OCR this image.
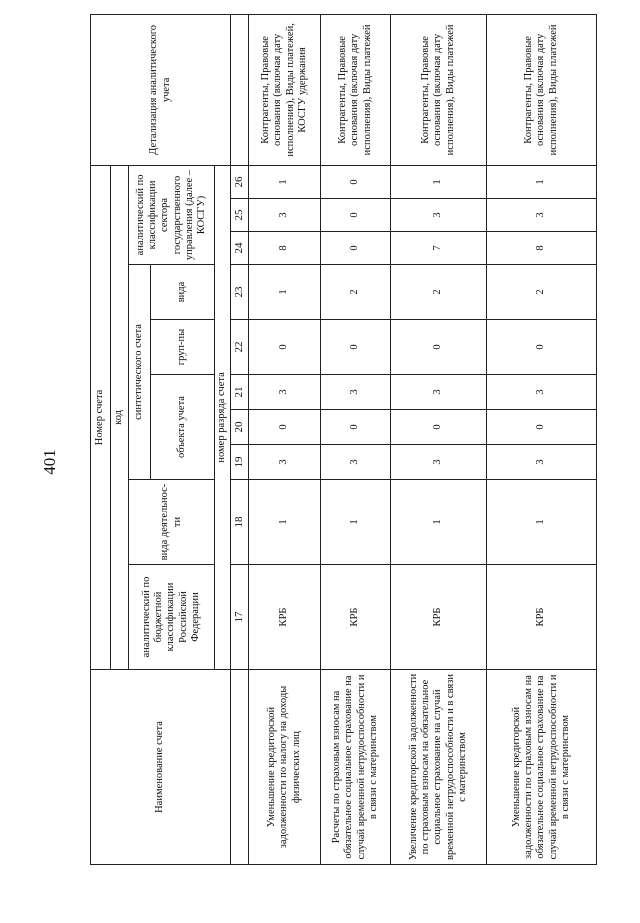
401
Наименование счета	Номер счета										Детализация аналитического учета
	код										
	аналитический по бюджетной классификации Российской Федерации	вида деятельнос-ти	синтетического счета					аналитический по классификации сектора государственного управления (далее – КОСГУ)			
			объекта учета			груп-пы	вида				
	номер разряда счета										
	17	18	19	20	21	22	23	24	25	26	
Уменьшение кредиторской задолженности по налогу на доходы физических лиц	КРБ	1	3	0	3	0	1	8	3	1	Контрагенты, Правовые основания (включая дату исполнения), Виды платежей, КОСГУ удержания
Расчеты по страховым взносам на обязательное социальное страхование на случай временной нетрудоспособности и в связи с материнством	КРБ	1	3	0	3	0	2	0	0	0	Контрагенты, Правовые основания (включая дату исполнения), Виды платежей
Увеличение кредиторской задолженности по страховым взносам на обязательное социальное страхование на случай временной нетрудоспособности и в связи с материнством	КРБ	1	3	0	3	0	2	7	3	1	Контрагенты, Правовые основания (включая дату исполнения), Виды платежей
Уменьшение кредиторской задолженности по страховым взносам на обязательное социальное страхование на случай временной нетрудоспособности и в связи с материнством	КРБ	1	3	0	3	0	2	8	3	1	Контрагенты, Правовые основания (включая дату исполнения), Виды платежей
